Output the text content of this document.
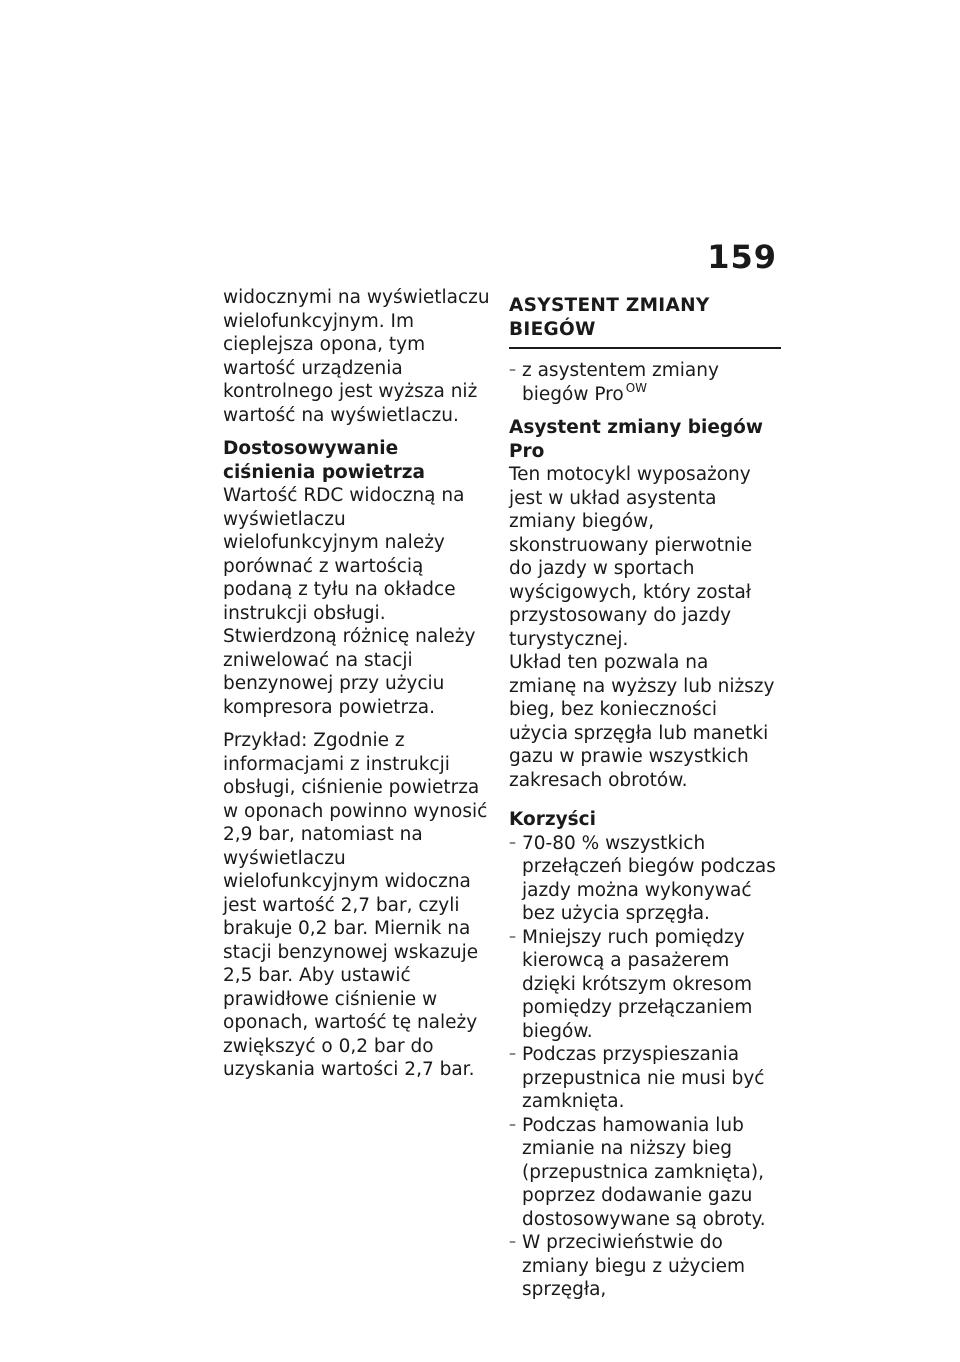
159

widocznymi na wyświetlaczu wielofunkcyjnym. Im cieplejsza opona, tym wartość urządzenia kontrolnego jest wyższa niż wartość na wyświetlaczu.

Dostosowywanie ciśnienia powietrza

Wartość RDC widoczną na wyświetlaczu wielofunkcyjnym należy porównać z wartością podaną z tyłu na okładce instrukcji obsługi. Stwierdzoną różnicę należy zniwelować na stacji benzynowej przy użyciu kompresora powietrza.

Przykład: Zgodnie z informacjami z instrukcji obsługi, ciśnienie powietrza w oponach powinno wynosić 2,9 bar, natomiast na wyświetlaczu wielofunkcyjnym widoczna jest wartość 2,7 bar, czyli brakuje 0,2 bar. Miernik na stacji benzynowej wskazuje 2,5 bar. Aby ustawić prawidłowe ciśnienie w oponach, wartość tę należy zwiększyć o 0,2 bar do uzyskania wartości 2,7 bar.

ASYSTENT ZMIANY BIEGÓW
– z asystentem zmiany biegów Pro $^{OW}$

Asystent zmiany biegów Pro

Ten motocykl wyposażony jest w układ asystenta zmiany biegów, skonstruowany pierwotnie do jazdy w sportach wyścigowych, który został przystosowany do jazdy turystycznej.

Układ ten pozwala na zmianę na wyższy lub niższy bieg, bez konieczności użycia sprzęgła lub manetki gazu w prawie wszystkich zakresach obrotów.

Korzyści

– 70-80 % wszystkich przełączeń biegów podczas jazdy można wykonywać bez użycia sprzęgła.
– Mniejszy ruch pomiędzy kierowcą a pasażerem dzięki krótszym okresom pomiędzy przełączaniem biegów.
– Podczas przyspieszania przepustnica nie musi być zamknięta.
– Podczas hamowania lub zmianie na niższy bieg (przepustnica zamknięta), poprzez dodawanie gazu dostosowywane są obroty.
– W przeciwieństwie do zmiany biegu z użyciem sprzęgła,
